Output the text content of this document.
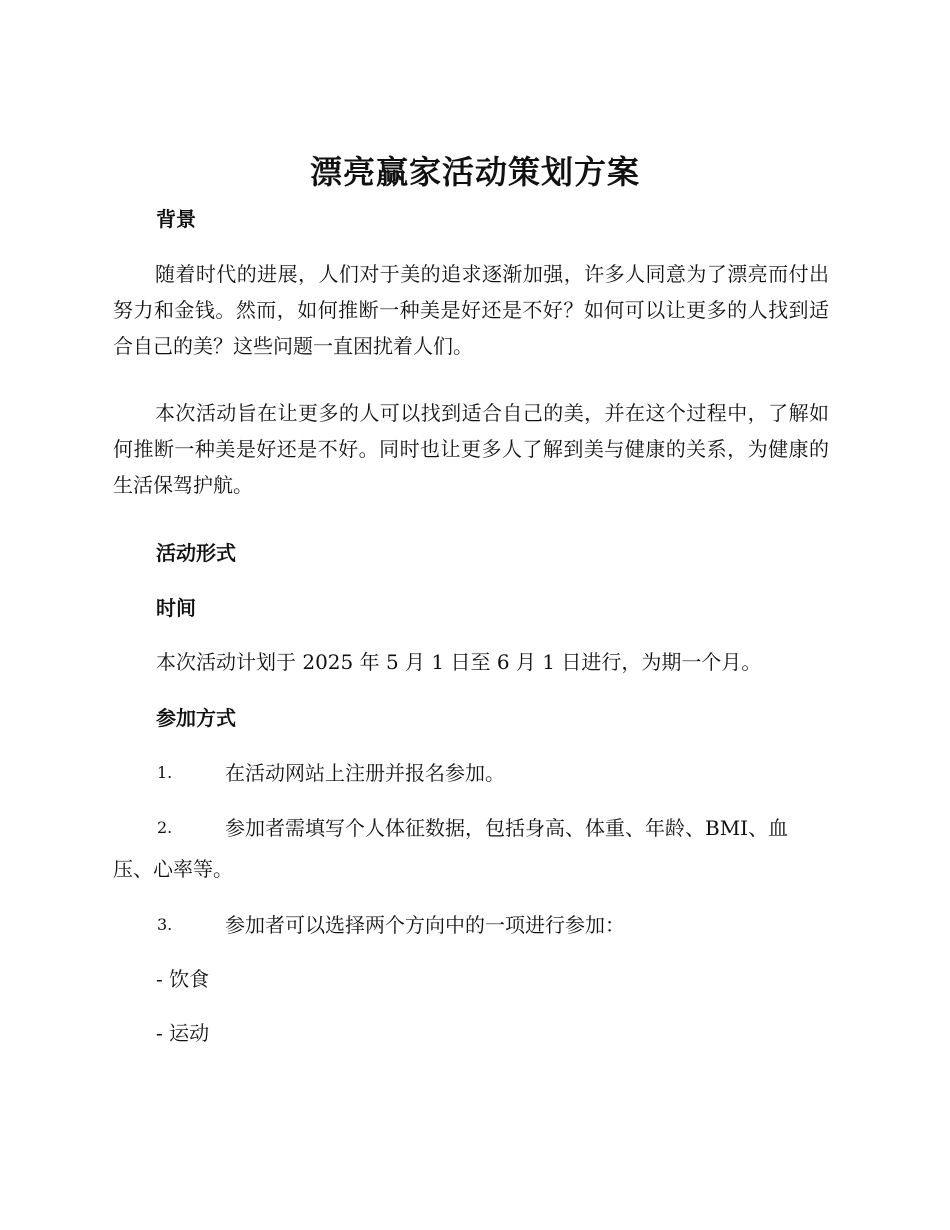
漂亮赢家活动策划方案
背景
随着时代的进展，人们对于美的追求逐渐加强，许多人同意为了漂亮而付出努力和金钱。然而，如何推断一种美是好还是不好？如何可以让更多的人找到适合自己的美？这些问题一直困扰着人们。
本次活动旨在让更多的人可以找到适合自己的美，并在这个过程中，了解如何推断一种美是好还是不好。同时也让更多人了解到美与健康的关系，为健康的生活保驾护航。
活动形式
时间
本次活动计划于 2025 年 5 月 1 日至 6 月 1 日进行，为期一个月。
参加方式
1.	在活动网站上注册并报名参加。
2.	参加者需填写个人体征数据，包括身高、体重、年龄、BMI、血
压、心率等。
3.	参加者可以选择两个方向中的一项进行参加：
- 饮食
- 运动
